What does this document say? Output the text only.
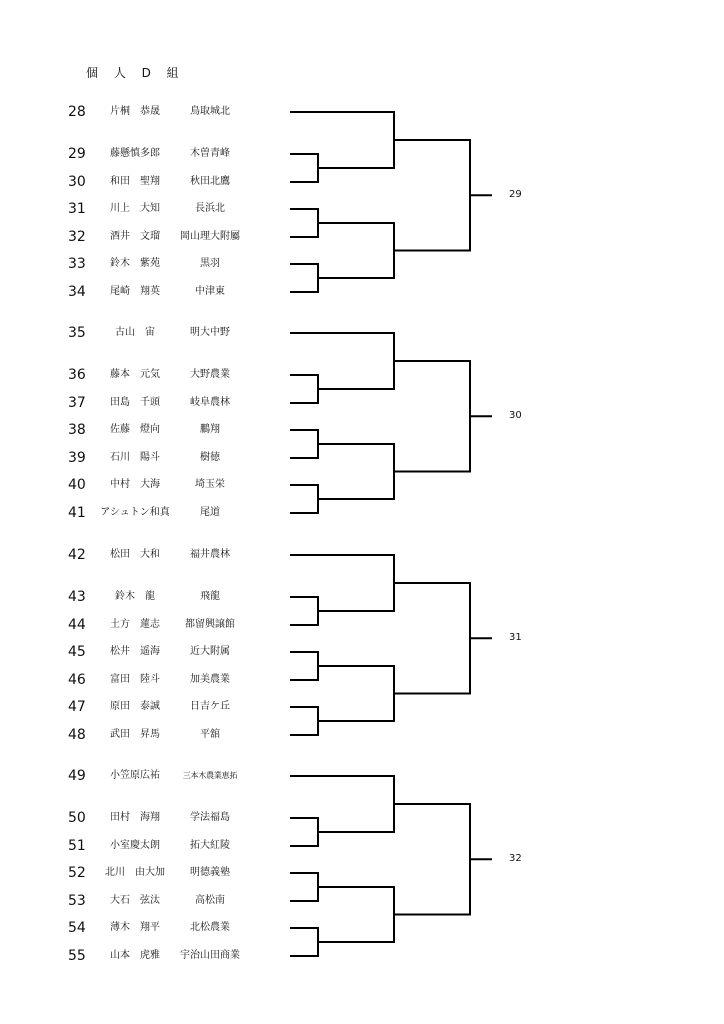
個 人 D 組
28	片桐　恭晟	鳥取城北
29	藤懸慎多郎	木曽青峰
30	和田　聖翔	秋田北鷹
31	川上　大知	長浜北
32	酒井　文瑠	岡山理大附屬
33	鈴木　紫苑	黒羽
34	尾崎　翔英	中津東
35	古山　宙	明大中野
36	藤本　元気	大野農業
37	田島　千頭	岐阜農林
38	佐藤　燈向	鵬翔
39	石川　陽斗	樹徳
40	中村　大海	埼玉栄
41	アシュトン和真	尾道
42	松田　大和	福井農林
43	鈴木　龍	飛龍
44	土方　蓮志	都留興譲館
45	松井　遥海	近大附属
46	富田　陸斗	加美農業
47	原田　泰誠	日吉ケ丘
48	武田　昇馬	平舘
49	小笠原広祐	三本木農業恵拓
50	田村　海翔	学法福島
51	小室慶太朗	拓大紅陵
52	北川　由大加	明德義塾
53	大石　弦汰	高松南
54	薄木　翔平	北松農業
55	山本　虎雅	宇治山田商業
29
30
31
32
